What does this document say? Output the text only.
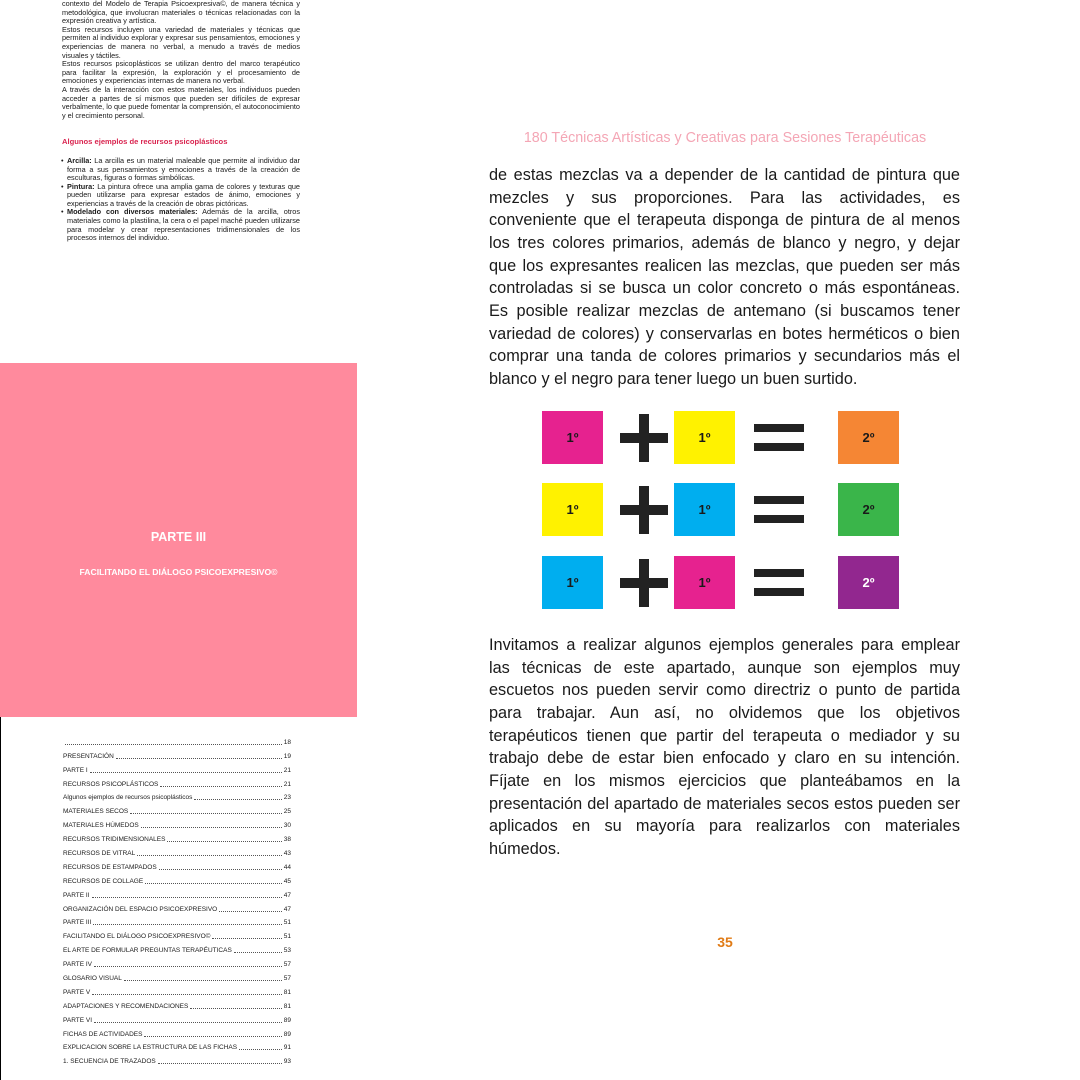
contexto del Modelo de Terapia Psicoexpresiva©, de manera técnica y metodológica, que involucran materiales o técnicas relacionadas con la expresión creativa y artística.

Estos recursos incluyen una variedad de materiales y técnicas que permiten al individuo explorar y expresar sus pensamientos, emociones y experiencias de manera no verbal, a menudo a través de medios visuales y táctiles.

Estos recursos psicoplásticos se utilizan dentro del marco terapéutico para facilitar la expresión, la exploración y el procesamiento de emociones y experiencias internas de manera no verbal.

A través de la interacción con estos materiales, los individuos pueden acceder a partes de sí mismos que pueden ser difíciles de expresar verbalmente, lo que puede fomentar la comprensión, el autoconocimiento y el crecimiento personal.

Algunos ejemplos de recursos psicoplásticos
• Arcilla: La arcilla es un material maleable que permite al individuo dar forma a sus pensamientos y emociones a través de la creación de esculturas, figuras o formas simbólicas.
• Pintura: La pintura ofrece una amplia gama de colores y texturas que pueden utilizarse para expresar estados de ánimo, emociones y experiencias a través de la creación de obras pictóricas.
• Modelado con diversos materiales: Además de la arcilla, otros materiales como la plastilina, la cera o el papel maché pueden utilizarse para modelar y crear representaciones tridimensionales de los procesos internos del individuo.
PARTE III
FACILITANDO EL DIÁLOGO PSICOEXPRESIVO©
18
PRESENTACIÓN	19
PARTE I	21
RECURSOS PSICOPLÁSTICOS	21
Algunos ejemplos de recursos psicoplásticos	23
MATERIALES SECOS	25
MATERIALES HÚMEDOS	30
RECURSOS TRIDIMENSIONALES	38
RECURSOS DE VITRAL	43
RECURSOS DE ESTAMPADOS	44
RECURSOS DE COLLAGE	45
PARTE II	47
ORGANIZACIÓN DEL ESPACIO PSICOEXPRESIVO	47
PARTE III	51
FACILITANDO EL DIÁLOGO PSICOEXPRESIVO©	51
EL ARTE DE FORMULAR PREGUNTAS TERAPÉUTICAS	53
PARTE IV	57
GLOSARIO VISUAL	57
PARTE V	81
ADAPTACIONES Y RECOMENDACIONES	81
PARTE VI	89
FICHAS DE ACTIVIDADES	89
EXPLICACION SOBRE LA ESTRUCTURA DE LAS FICHAS	91
1. SECUENCIA DE TRAZADOS	93
180 Técnicas Artísticas y Creativas para Sesiones Terapéuticas

de estas mezclas va a depender de la cantidad de pintura que mezcles y sus proporciones. Para las actividades, es conveniente que el terapeuta disponga de pintura de al menos los tres colores primarios, además de blanco y negro, y dejar que los expresantes realicen las mezclas, que pueden ser más controladas si se busca un color concreto o más espontáneas. Es posible realizar mezclas de antemano (si buscamos tener variedad de colores) y conservarlas en botes herméticos o bien comprar una tanda de colores primarios y secundarios más el blanco y el negro para tener luego un buen surtido.

1º	1º	2º
1º	1º	2º
1º	1º	2º

Invitamos a realizar algunos ejemplos generales para emplear las técnicas de este apartado, aunque son ejemplos muy escuetos nos pueden servir como directriz o punto de partida para trabajar. Aun así, no olvidemos que los objetivos terapéuticos tienen que partir del terapeuta o mediador y su trabajo debe de estar bien enfocado y claro en su intención. Fíjate en los mismos ejercicios que planteábamos en la presentación del apartado de materiales secos estos pueden ser aplicados en su mayoría para realizarlos con materiales húmedos.

35
